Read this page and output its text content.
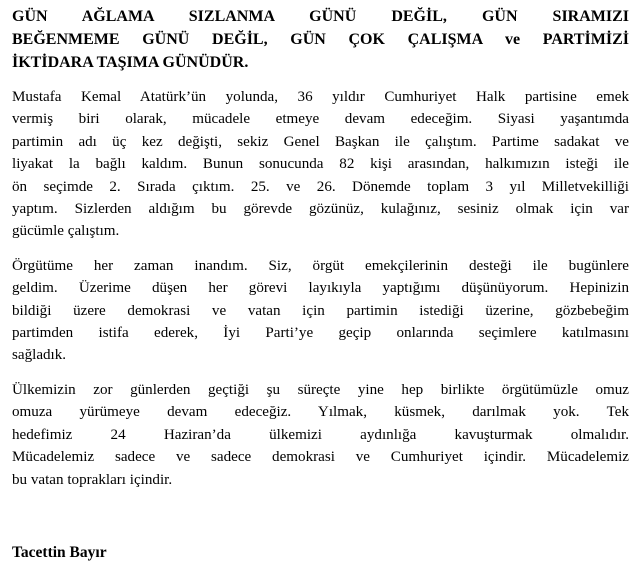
GÜN AĞLAMA SIZLANMA GÜNÜ DEĞİL, GÜN SIRAMIZI
BEĞENMEME GÜNÜ DEĞİL, GÜN ÇOK ÇALIŞMA ve PARTİMİZİ
İKTİDARA TAŞIMA GÜNÜDÜR.
Mustafa Kemal Atatürk’ün yolunda, 36 yıldır Cumhuriyet Halk partisine emek
vermiş biri olarak, mücadele etmeye devam edeceğim. Siyasi yaşantımda
partimin adı üç kez değişti, sekiz Genel Başkan ile çalıştım. Partime sadakat ve
liyakat la bağlı kaldım. Bunun sonucunda 82 kişi arasından, halkımızın isteği ile
ön seçimde 2. Sırada çıktım. 25. ve 26. Dönemde toplam 3 yıl Milletvekilliği
yaptım. Sizlerden aldığım bu görevde gözünüz, kulağınız, sesiniz olmak için var
gücümle çalıştım.
Örgütüme her zaman inandım. Siz, örgüt emekçilerinin desteği ile bugünlere
geldim. Üzerime düşen her görevi layıkıyla yaptığımı düşünüyorum. Hepinizin
bildiği üzere demokrasi ve vatan için partimin istediği üzerine, gözbebeğim
partimden istifa ederek, İyi Parti’ye geçip onlarında seçimlere katılmasını
sağladık.
Ülkemizin zor günlerden geçtiği şu süreçte yine hep birlikte örgütümüzle omuz
omuza yürümeye devam edeceğiz. Yılmak, küsmek, darılmak yok. Tek
hedefimiz 24 Haziran’da ülkemizi aydınlığa kavuşturmak olmalıdır.
Mücadelemiz sadece ve sadece demokrasi ve Cumhuriyet içindir. Mücadelemiz
bu vatan toprakları içindir.
Tacettin Bayır
